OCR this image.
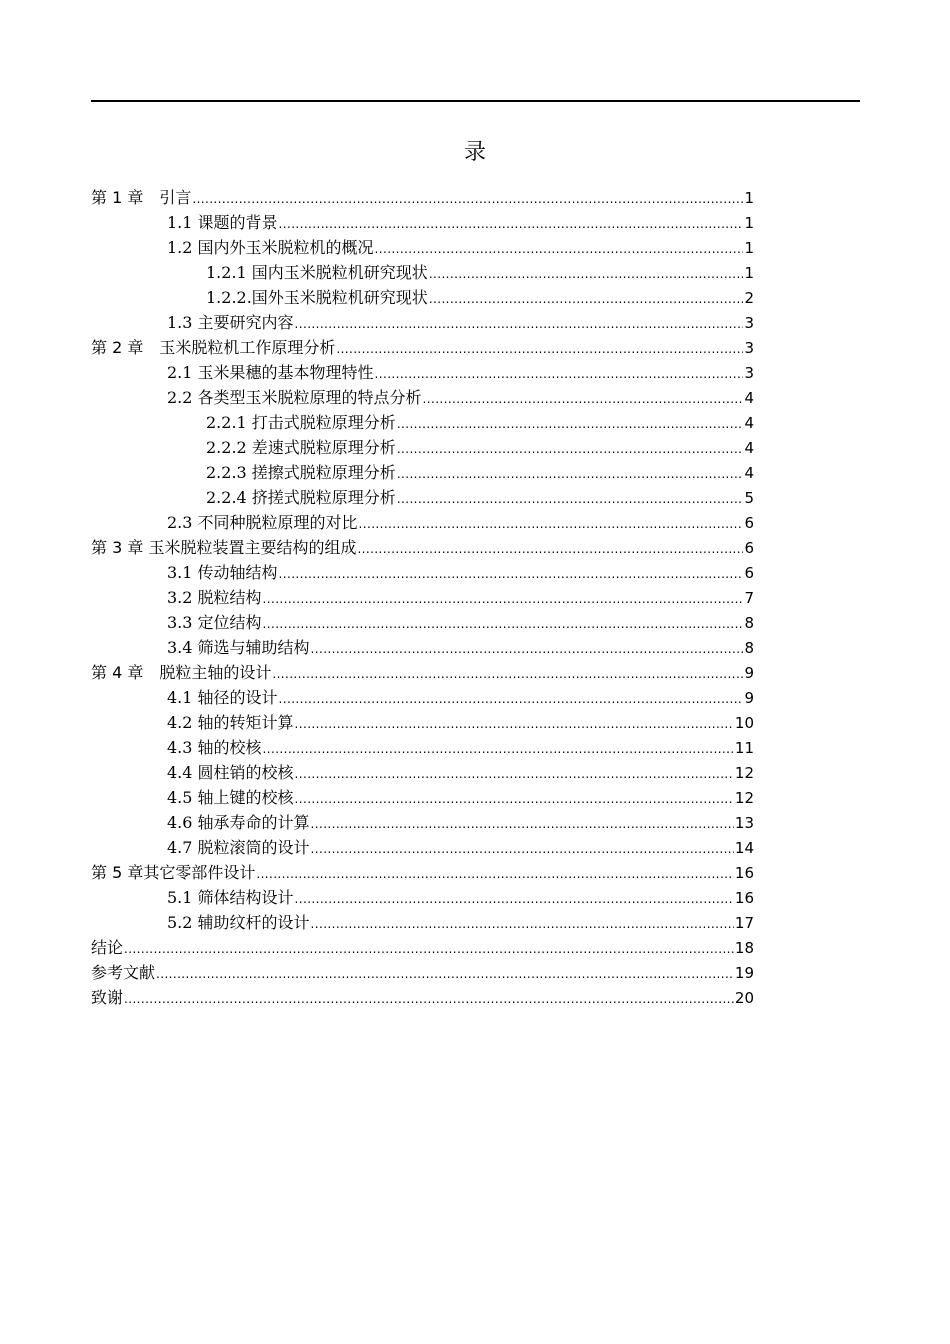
录
第 1 章　引言 .....	1
1.1 课题的背景 .....	1
1.2 国内外玉米脱粒机的概况 .....	1
1.2.1 国内玉米脱粒机研究现状 .....	1
1.2.2.国外玉米脱粒机研究现状 .....	2
1.3 主要研究内容 .....	3
第 2 章　玉米脱粒机工作原理分析 .....	3
2.1 玉米果穗的基本物理特性 .....	3
2.2 各类型玉米脱粒原理的特点分析 .....	4
2.2.1 打击式脱粒原理分析 .....	4
2.2.2 差速式脱粒原理分析 .....	4
2.2.3 搓擦式脱粒原理分析 .....	4
2.2.4 挤搓式脱粒原理分析 .....	5
2.3 不同种脱粒原理的对比 .....	6
第 3 章 玉米脱粒装置主要结构的组成 .....	6
3.1 传动轴结构 .....	6
3.2 脱粒结构 .....	7
3.3 定位结构 .....	8
3.4 筛选与辅助结构 .....	8
第 4 章　脱粒主轴的设计 .....	9
4.1 轴径的设计 .....	9
4.2 轴的转矩计算 .....	10
4.3 轴的校核 .....	11
4.4 圆柱销的校核 .....	12
4.5 轴上键的校核 .....	12
4.6 轴承寿命的计算 .....	13
4.7 脱粒滚筒的设计 .....	14
第 5 章其它零部件设计 .....	16
5.1 筛体结构设计 .....	16
5.2 辅助纹杆的设计 .....	17
结论 .....	18
参考文献 .....	19
致谢 .....	20
